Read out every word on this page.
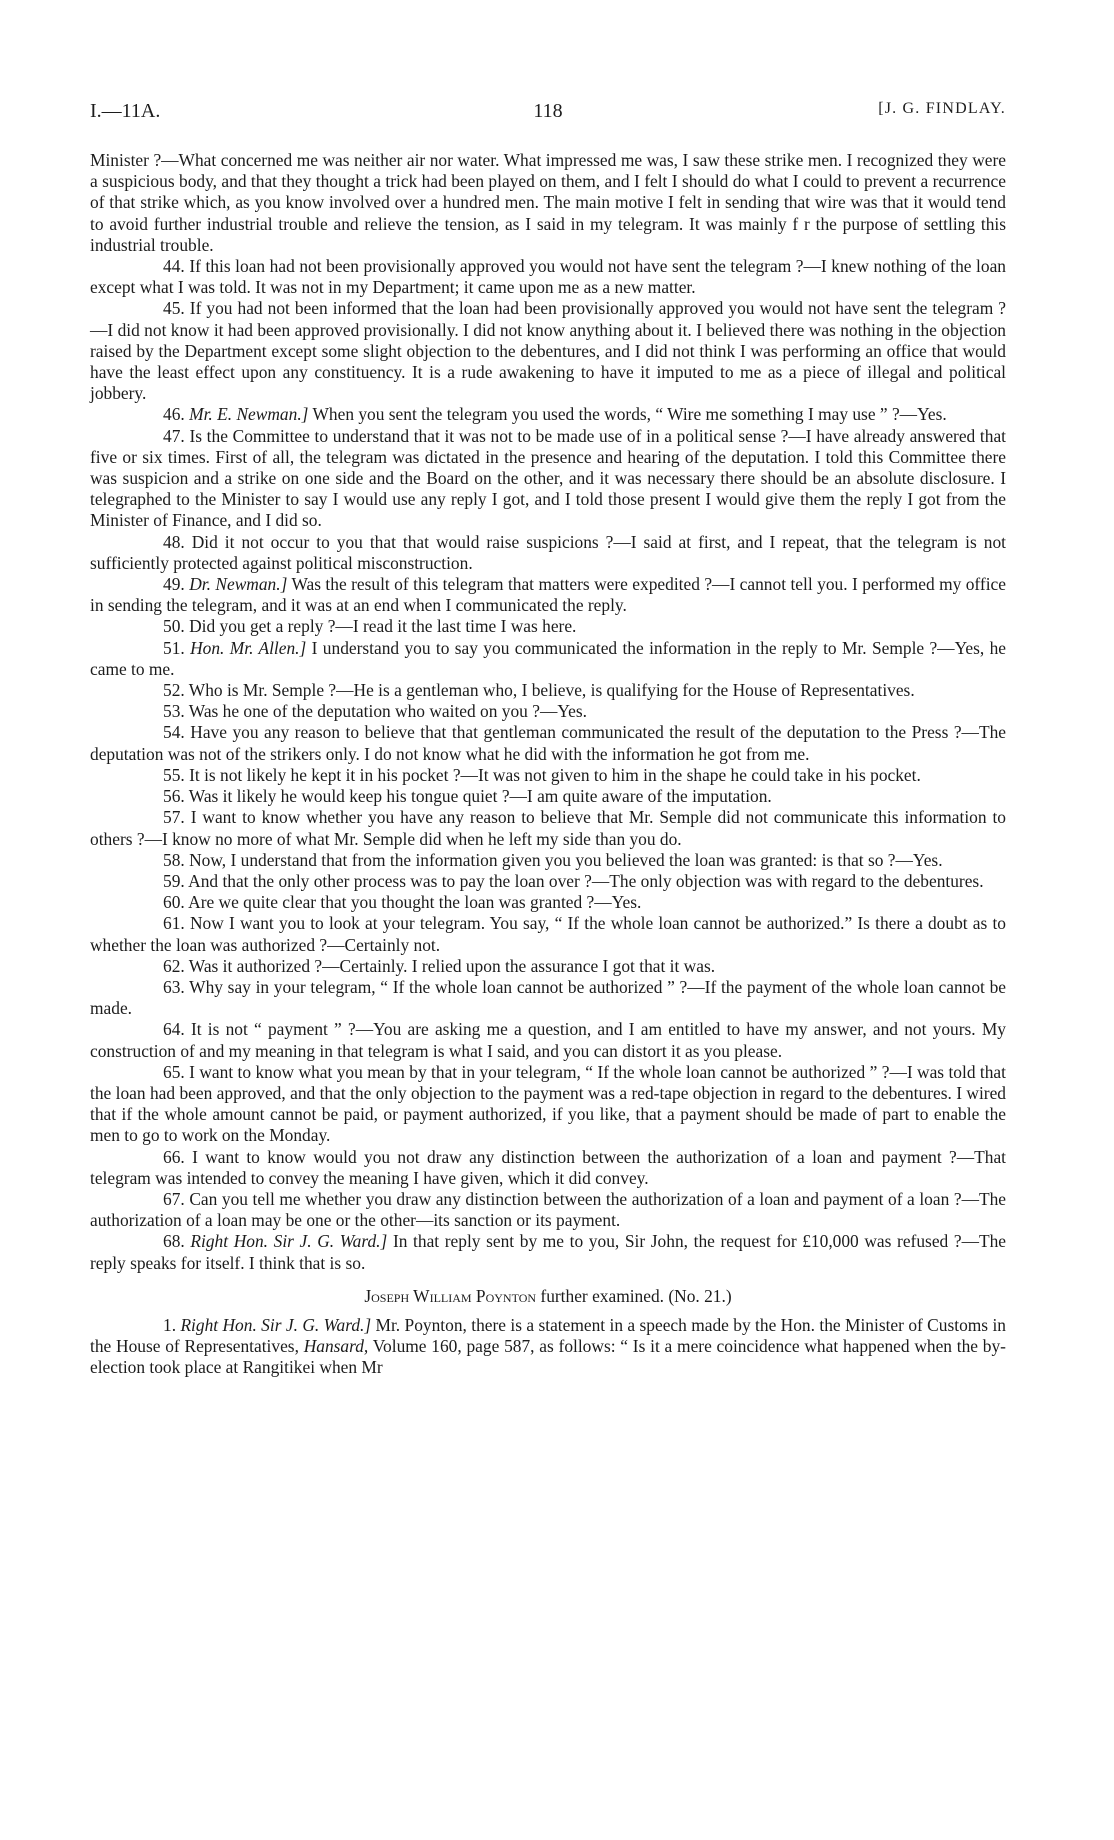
I.—11A.	118	[J. G. FINDLAY.

Minister ?—What concerned me was neither air nor water. What impressed me was, I saw these strike men. I recognized they were a suspicious body, and that they thought a trick had been played on them, and I felt I should do what I could to prevent a recurrence of that strike which, as you know involved over a hundred men. The main motive I felt in sending that wire was that it would tend to avoid further industrial trouble and relieve the tension, as I said in my telegram. It was mainly f r the purpose of settling this industrial trouble.

44. If this loan had not been provisionally approved you would not have sent the telegram ?—I knew nothing of the loan except what I was told. It was not in my Department; it came upon me as a new matter.

45. If you had not been informed that the loan had been provisionally approved you would not have sent the telegram ?—I did not know it had been approved provisionally. I did not know anything about it. I believed there was nothing in the objection raised by the Department except some slight objection to the debentures, and I did not think I was performing an office that would have the least effect upon any constituency. It is a rude awakening to have it imputed to me as a piece of illegal and political jobbery.

46. Mr. E. Newman.] When you sent the telegram you used the words, “ Wire me something I may use ” ?—Yes.

47. Is the Committee to understand that it was not to be made use of in a political sense ?—I have already answered that five or six times. First of all, the telegram was dictated in the presence and hearing of the deputation. I told this Committee there was suspicion and a strike on one side and the Board on the other, and it was necessary there should be an absolute disclosure. I telegraphed to the Minister to say I would use any reply I got, and I told those present I would give them the reply I got from the Minister of Finance, and I did so.

48. Did it not occur to you that that would raise suspicions ?—I said at first, and I repeat, that the telegram is not sufficiently protected against political misconstruction.

49. Dr. Newman.] Was the result of this telegram that matters were expedited ?—I cannot tell you. I performed my office in sending the telegram, and it was at an end when I communicated the reply.

50. Did you get a reply ?—I read it the last time I was here.

51. Hon. Mr. Allen.] I understand you to say you communicated the information in the reply to Mr. Semple ?—Yes, he came to me.

52. Who is Mr. Semple ?—He is a gentleman who, I believe, is qualifying for the House of Representatives.

53. Was he one of the deputation who waited on you ?—Yes.

54. Have you any reason to believe that that gentleman communicated the result of the deputation to the Press ?—The deputation was not of the strikers only. I do not know what he did with the information he got from me.

55. It is not likely he kept it in his pocket ?—It was not given to him in the shape he could take in his pocket.

56. Was it likely he would keep his tongue quiet ?—I am quite aware of the imputation.

57. I want to know whether you have any reason to believe that Mr. Semple did not communicate this information to others ?—I know no more of what Mr. Semple did when he left my side than you do.

58. Now, I understand that from the information given you you believed the loan was granted: is that so ?—Yes.

59. And that the only other process was to pay the loan over ?—The only objection was with regard to the debentures.

60. Are we quite clear that you thought the loan was granted ?—Yes.

61. Now I want you to look at your telegram. You say, “ If the whole loan cannot be authorized.” Is there a doubt as to whether the loan was authorized ?—Certainly not.

62. Was it authorized ?—Certainly. I relied upon the assurance I got that it was.

63. Why say in your telegram, “ If the whole loan cannot be authorized ” ?—If the payment of the whole loan cannot be made.

64. It is not “ payment ” ?—You are asking me a question, and I am entitled to have my answer, and not yours. My construction of and my meaning in that telegram is what I said, and you can distort it as you please.

65. I want to know what you mean by that in your telegram, “ If the whole loan cannot be authorized ” ?—I was told that the loan had been approved, and that the only objection to the payment was a red-tape objection in regard to the debentures. I wired that if the whole amount cannot be paid, or payment authorized, if you like, that a payment should be made of part to enable the men to go to work on the Monday.

66. I want to know would you not draw any distinction between the authorization of a loan and payment ?—That telegram was intended to convey the meaning I have given, which it did convey.

67. Can you tell me whether you draw any distinction between the authorization of a loan and payment of a loan ?—The authorization of a loan may be one or the other—its sanction or its payment.

68. Right Hon. Sir J. G. Ward.] In that reply sent by me to you, Sir John, the request for £10,000 was refused ?—The reply speaks for itself. I think that is so.

Joseph William Poynton further examined. (No. 21.)

1. Right Hon. Sir J. G. Ward.] Mr. Poynton, there is a statement in a speech made by the Hon. the Minister of Customs in the House of Representatives, Hansard, Volume 160, page 587, as follows: “ Is it a mere coincidence what happened when the by-election took place at Rangitikei when Mr
